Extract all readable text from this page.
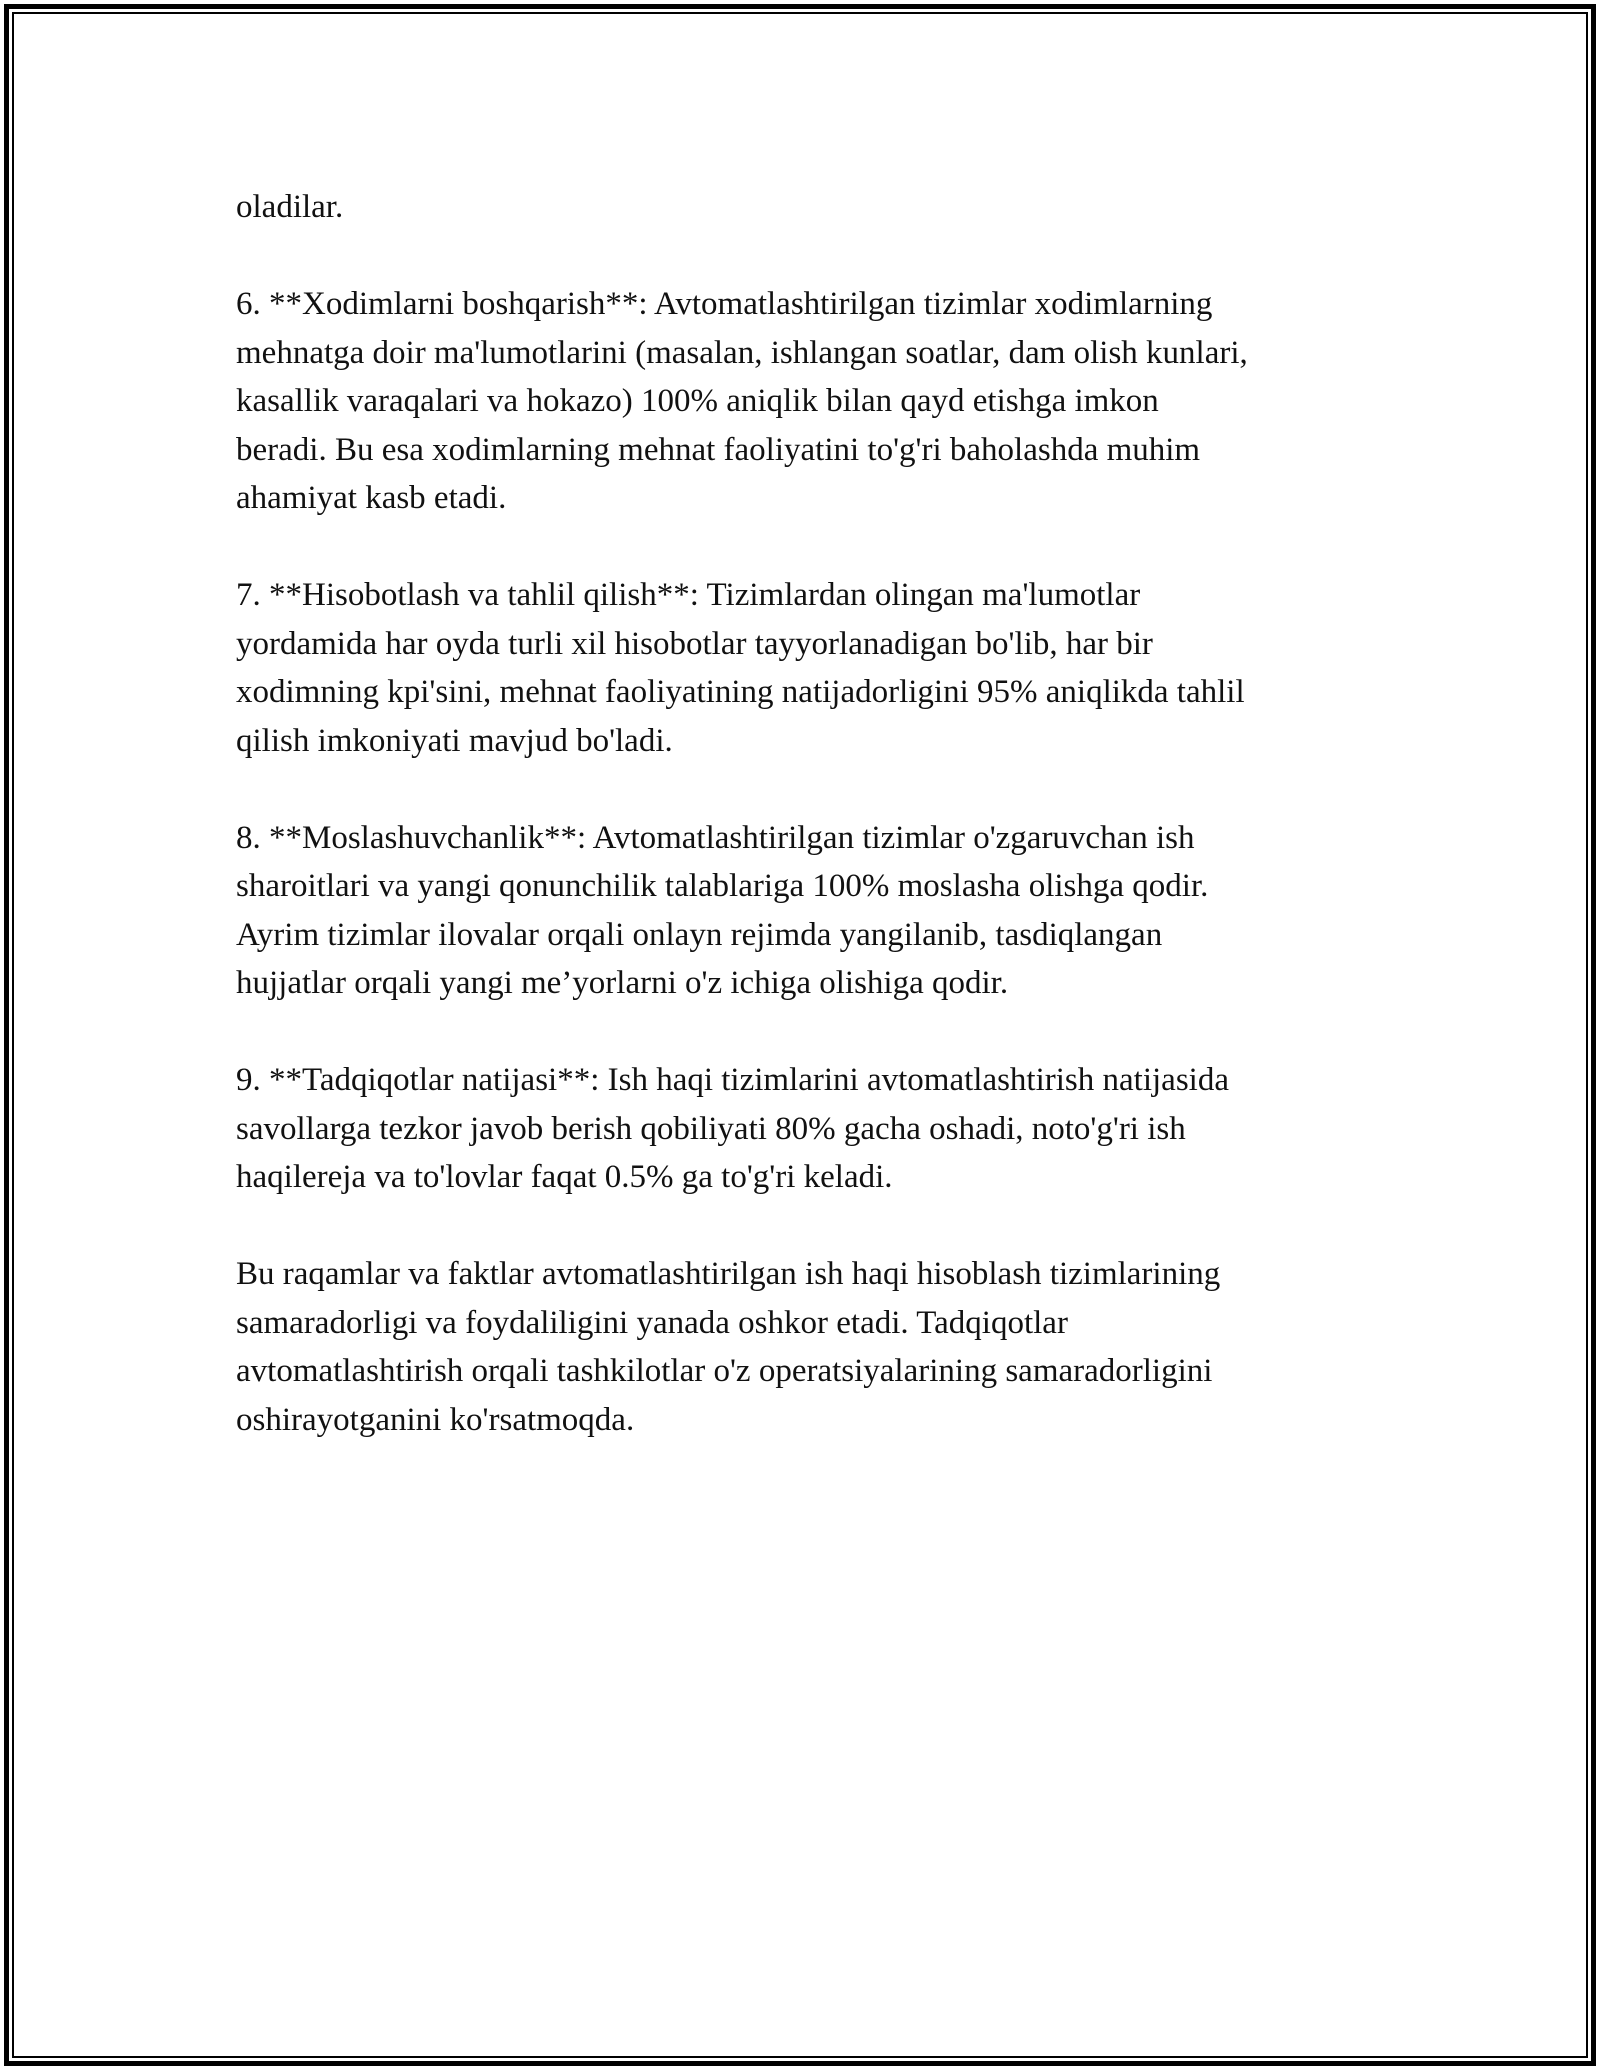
oladilar.

6. **Xodimlarni boshqarish**: Avtomatlashtirilgan tizimlar xodimlarning
mehnatga doir ma'lumotlarini (masalan, ishlangan soatlar, dam olish kunlari,
kasallik varaqalari va hokazo) 100% aniqlik bilan qayd etishga imkon
beradi. Bu esa xodimlarning mehnat faoliyatini to'g'ri baholashda muhim
ahamiyat kasb etadi.

7. **Hisobotlash va tahlil qilish**: Tizimlardan olingan ma'lumotlar
yordamida har oyda turli xil hisobotlar tayyorlanadigan bo'lib, har bir
xodimning kpi'sini, mehnat faoliyatining natijadorligini 95% aniqlikda tahlil
qilish imkoniyati mavjud bo'ladi.

8. **Moslashuvchanlik**: Avtomatlashtirilgan tizimlar o'zgaruvchan ish
sharoitlari va yangi qonunchilik talablariga 100% moslasha olishga qodir.
Ayrim tizimlar ilovalar orqali onlayn rejimda yangilanib, tasdiqlangan
hujjatlar orqali yangi me’yorlarni o'z ichiga olishiga qodir.

9. **Tadqiqotlar natijasi**: Ish haqi tizimlarini avtomatlashtirish natijasida
savollarga tezkor javob berish qobiliyati 80% gacha oshadi, noto'g'ri ish
haqilereja va to'lovlar faqat 0.5% ga to'g'ri keladi.

Bu raqamlar va faktlar avtomatlashtirilgan ish haqi hisoblash tizimlarining
samaradorligi va foydaliligini yanada oshkor etadi. Tadqiqotlar
avtomatlashtirish orqali tashkilotlar o'z operatsiyalarining samaradorligini
oshirayotganini ko'rsatmoqda.
